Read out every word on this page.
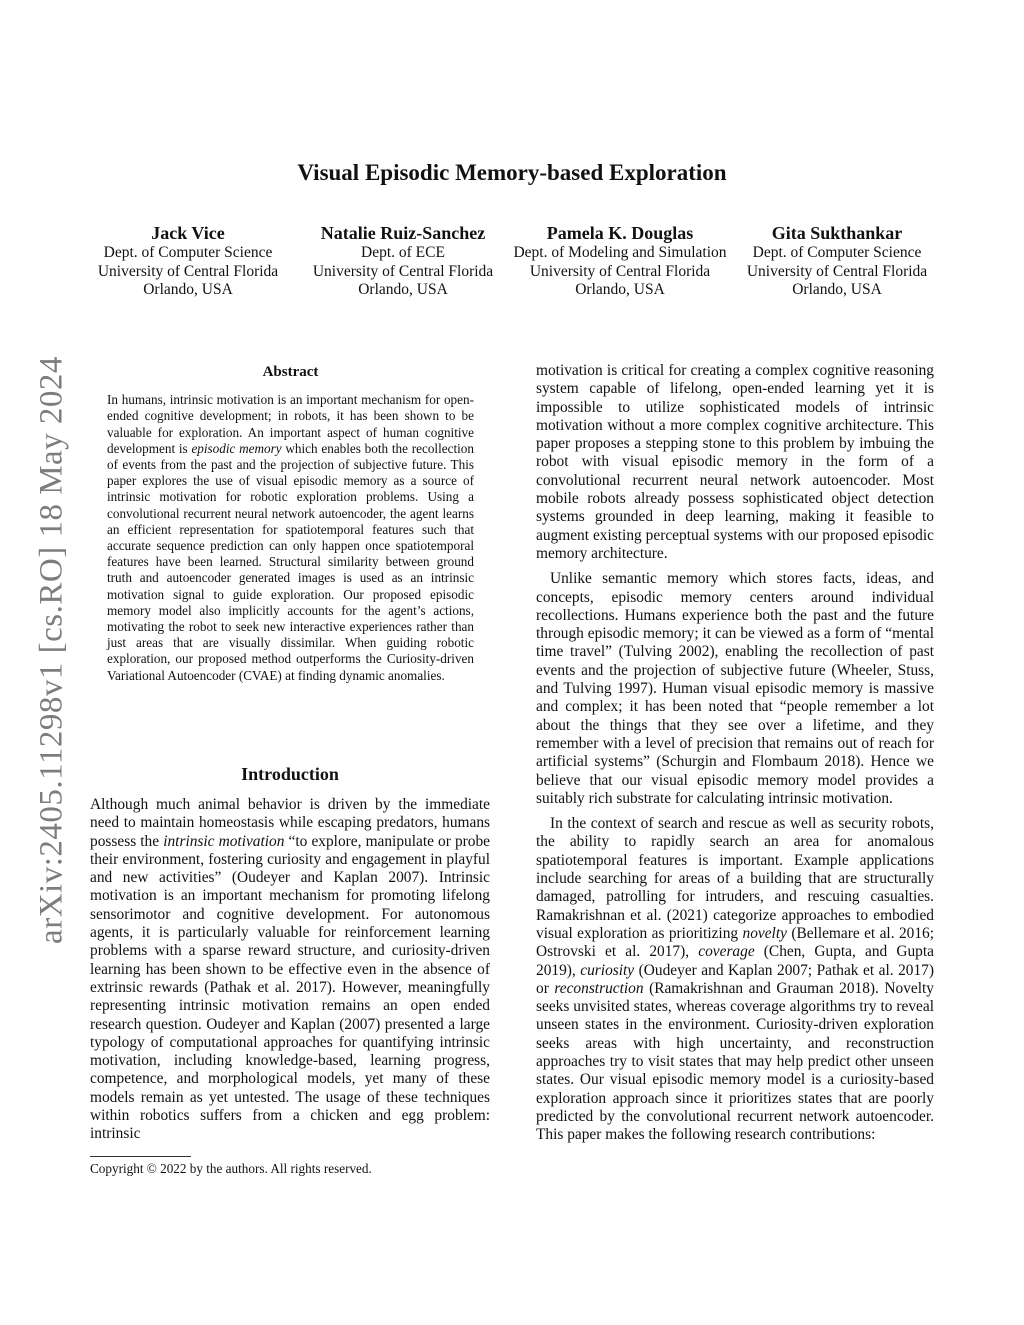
arXiv:2405.11298v1 [cs.RO] 18 May 2024
Visual Episodic Memory-based Exploration
Jack Vice
Dept. of Computer Science
University of Central Florida
Orlando, USA
Natalie Ruiz-Sanchez
Dept. of ECE
University of Central Florida
Orlando, USA
Pamela K. Douglas
Dept. of Modeling and Simulation
University of Central Florida
Orlando, USA
Gita Sukthankar
Dept. of Computer Science
University of Central Florida
Orlando, USA
Abstract

In humans, intrinsic motivation is an important mechanism for open-ended cognitive development; in robots, it has been shown to be valuable for exploration. An important aspect of human cognitive development is episodic memory which enables both the recollection of events from the past and the projection of subjective future. This paper explores the use of visual episodic memory as a source of intrinsic motivation for robotic exploration problems. Using a convolutional recurrent neural network autoencoder, the agent learns an efficient representation for spatiotemporal features such that accurate sequence prediction can only happen once spatiotemporal features have been learned. Structural similarity between ground truth and autoencoder generated images is used as an intrinsic motivation signal to guide exploration. Our proposed episodic memory model also implicitly accounts for the agent’s actions, motivating the robot to seek new interactive experiences rather than just areas that are visually dissimilar. When guiding robotic exploration, our proposed method outperforms the Curiosity-driven Variational Autoencoder (CVAE) at finding dynamic anomalies.

Introduction

Although much animal behavior is driven by the immediate need to maintain homeostasis while escaping predators, humans possess the intrinsic motivation “to explore, manipulate or probe their environment, fostering curiosity and engagement in playful and new activities” (Oudeyer and Kaplan 2007). Intrinsic motivation is an important mechanism for promoting lifelong sensorimotor and cognitive development. For autonomous agents, it is particularly valuable for reinforcement learning problems with a sparse reward structure, and curiosity-driven learning has been shown to be effective even in the absence of extrinsic rewards (Pathak et al. 2017). However, meaningfully representing intrinsic motivation remains an open ended research question. Oudeyer and Kaplan (2007) presented a large typology of computational approaches for quantifying intrinsic motivation, including knowledge-based, learning progress, competence, and morphological models, yet many of these models remain as yet untested. The usage of these techniques within robotics suffers from a chicken and egg problem: intrinsic

motivation is critical for creating a complex cognitive reasoning system capable of lifelong, open-ended learning yet it is impossible to utilize sophisticated models of intrinsic motivation without a more complex cognitive architecture. This paper proposes a stepping stone to this problem by imbuing the robot with visual episodic memory in the form of a convolutional recurrent neural network autoencoder. Most mobile robots already possess sophisticated object detection systems grounded in deep learning, making it feasible to augment existing perceptual systems with our proposed episodic memory architecture.

Unlike semantic memory which stores facts, ideas, and concepts, episodic memory centers around individual recollections. Humans experience both the past and the future through episodic memory; it can be viewed as a form of “mental time travel” (Tulving 2002), enabling the recollection of past events and the projection of subjective future (Wheeler, Stuss, and Tulving 1997). Human visual episodic memory is massive and complex; it has been noted that “people remember a lot about the things that they see over a lifetime, and they remember with a level of precision that remains out of reach for artificial systems” (Schurgin and Flombaum 2018). Hence we believe that our visual episodic memory model provides a suitably rich substrate for calculating intrinsic motivation.

In the context of search and rescue as well as security robots, the ability to rapidly search an area for anomalous spatiotemporal features is important. Example applications include searching for areas of a building that are structurally damaged, patrolling for intruders, and rescuing casualties. Ramakrishnan et al. (2021) categorize approaches to embodied visual exploration as prioritizing novelty (Bellemare et al. 2016; Ostrovski et al. 2017), coverage (Chen, Gupta, and Gupta 2019), curiosity (Oudeyer and Kaplan 2007; Pathak et al. 2017) or reconstruction (Ramakrishnan and Grauman 2018). Novelty seeks unvisited states, whereas coverage algorithms try to reveal unseen states in the environment. Curiosity-driven exploration seeks areas with high uncertainty, and reconstruction approaches try to visit states that may help predict other unseen states. Our visual episodic memory model is a curiosity-based exploration approach since it prioritizes states that are poorly predicted by the convolutional recurrent network autoencoder. This paper makes the following research contributions:

Copyright © 2022 by the authors. All rights reserved.
